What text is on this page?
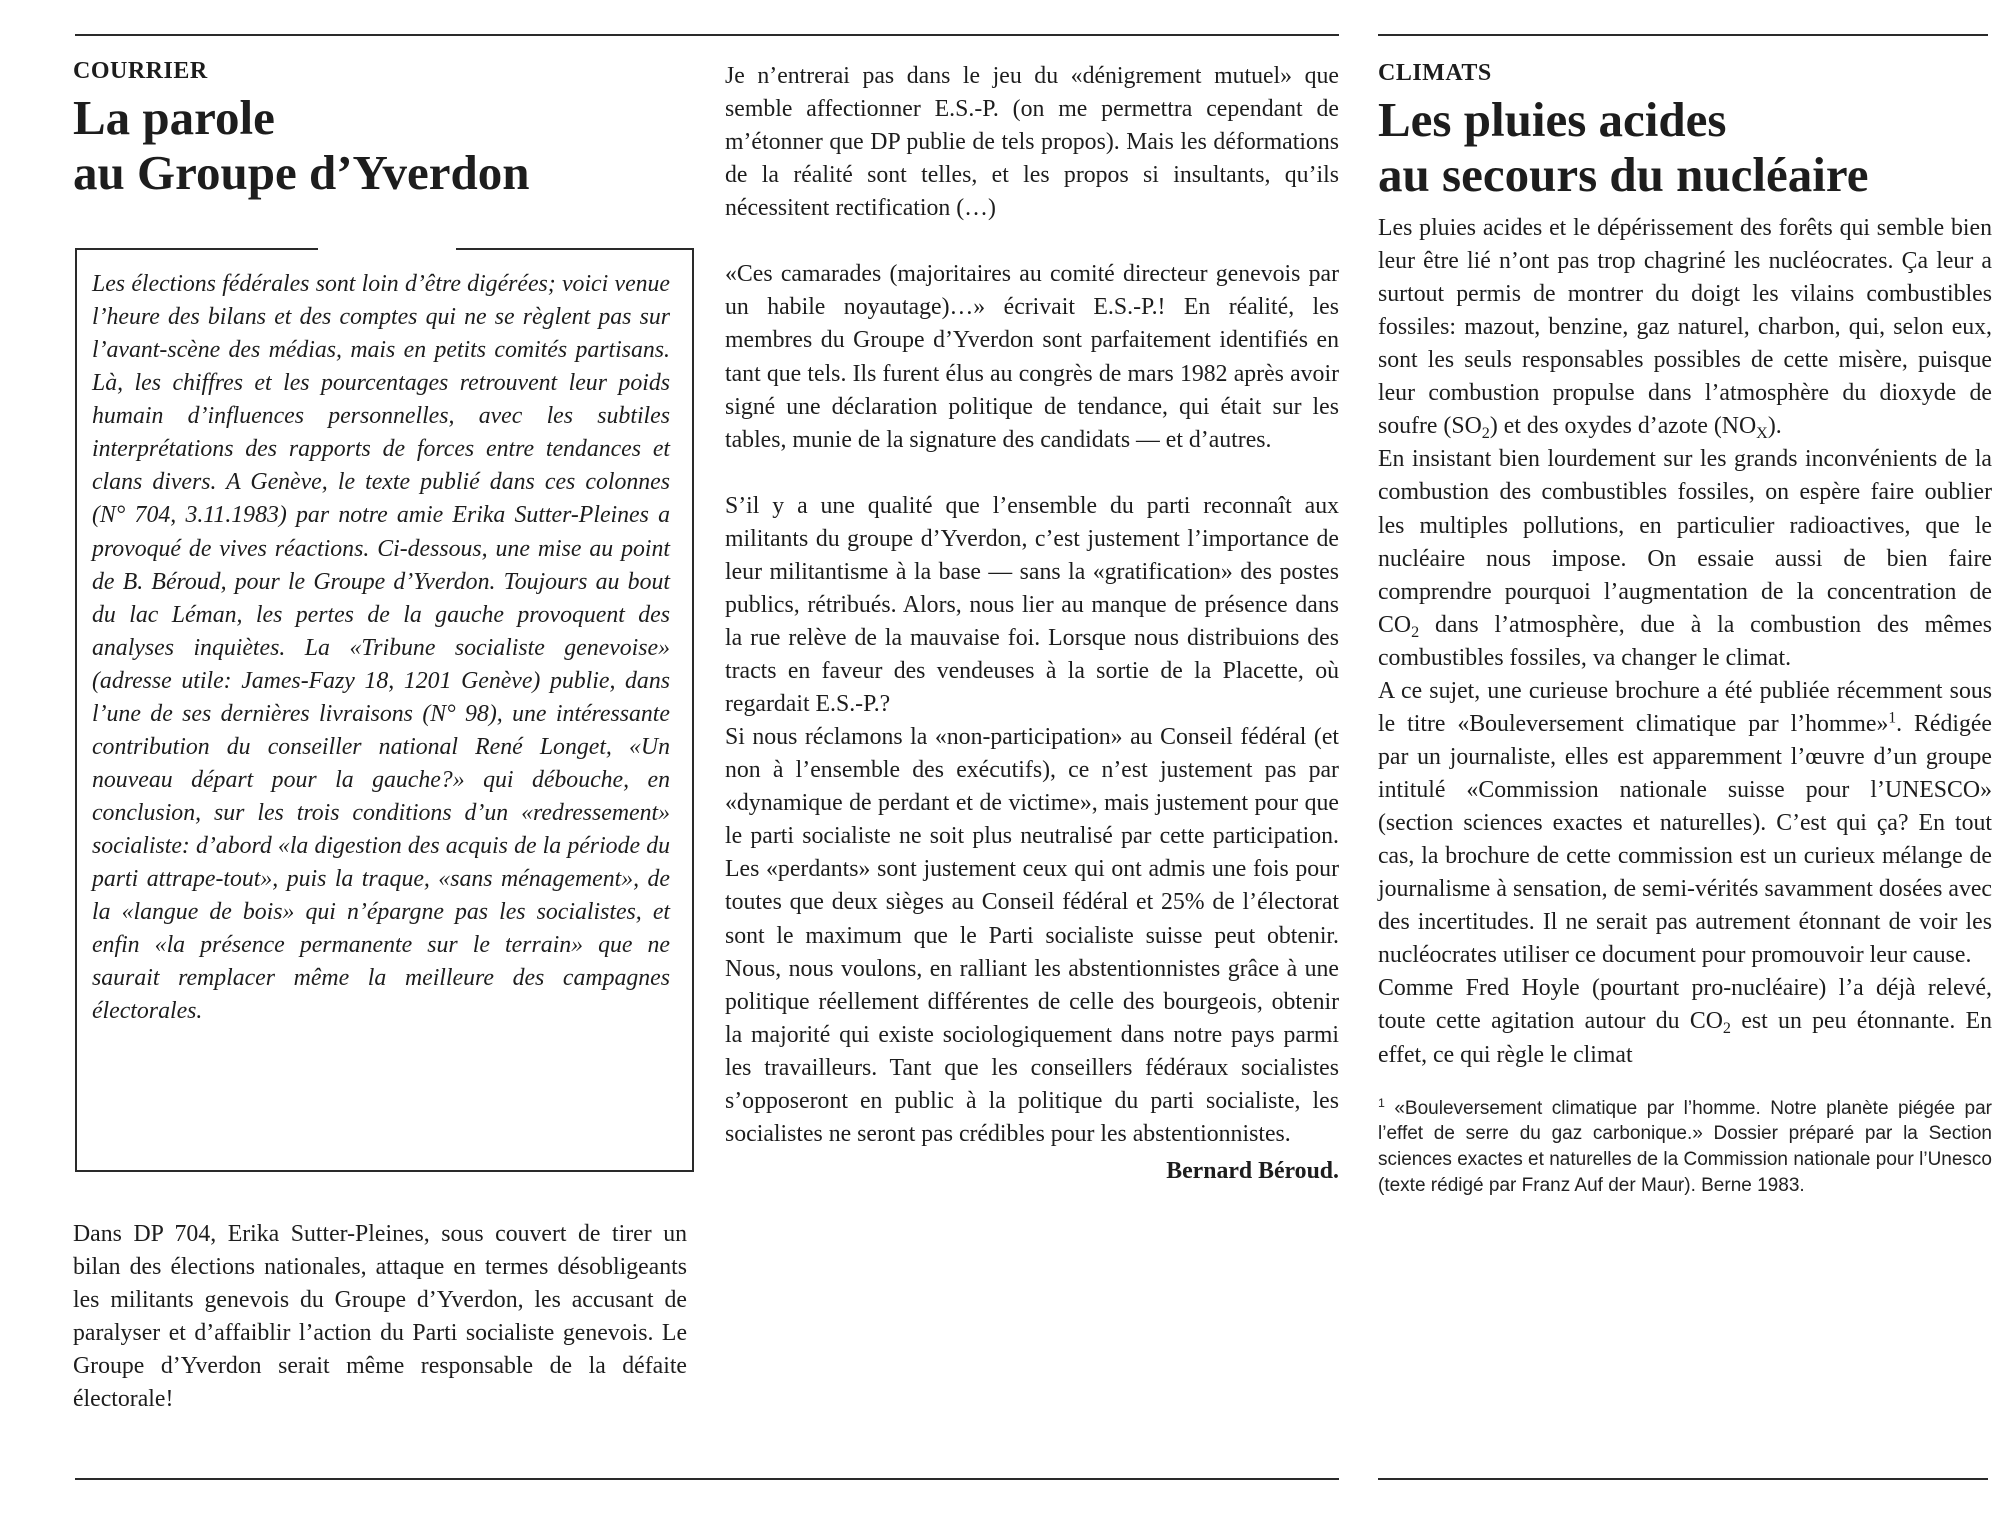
COURRIER
La parole
au Groupe d’Yverdon

Les élections fédérales sont loin d’être digérées; voici venue l’heure des bilans et des comptes qui ne se règlent pas sur l’avant-scène des médias, mais en petits comités partisans. Là, les chiffres et les pourcentages retrouvent leur poids humain d’influences personnelles, avec les subtiles interprétations des rapports de forces entre tendances et clans divers. A Genève, le texte publié dans ces colonnes (N° 704, 3.11.1983) par notre amie Erika Sutter-Pleines a provoqué de vives réactions. Ci-dessous, une mise au point de B. Béroud, pour le Groupe d’Yverdon. Toujours au bout du lac Léman, les pertes de la gauche provoquent des analyses inquiètes. La «Tribune socialiste genevoise» (adresse utile: James-Fazy 18, 1201 Genève) publie, dans l’une de ses dernières livraisons (N° 98), une intéressante contribution du conseiller national René Longet, «Un nouveau départ pour la gauche?» qui débouche, en conclusion, sur les trois conditions d’un «redressement» socialiste: d’abord «la digestion des acquis de la période du parti attrape-tout», puis la traque, «sans ménagement», de la «langue de bois» qui n’épargne pas les socialistes, et enfin «la présence permanente sur le terrain» que ne saurait remplacer même la meilleure des campagnes électorales.

Dans DP 704, Erika Sutter-Pleines, sous couvert de tirer un bilan des élections nationales, attaque en termes désobligeants les militants genevois du Groupe d’Yverdon, les accusant de paralyser et d’affaiblir l’action du Parti socialiste genevois. Le Groupe d’Yverdon serait même responsable de la défaite électorale!

Je n’entrerai pas dans le jeu du «dénigrement mutuel» que semble affectionner E.S.-P. (on me permettra cependant de m’étonner que DP publie de tels propos). Mais les déformations de la réalité sont telles, et les propos si insultants, qu’ils nécessitent rectification (…)

«Ces camarades (majoritaires au comité directeur genevois par un habile noyautage)…» écrivait E.S.-P.! En réalité, les membres du Groupe d’Yverdon sont parfaitement identifiés en tant que tels. Ils furent élus au congrès de mars 1982 après avoir signé une déclaration politique de tendance, qui était sur les tables, munie de la signature des candidats — et d’autres.

S’il y a une qualité que l’ensemble du parti reconnaît aux militants du groupe d’Yverdon, c’est justement l’importance de leur militantisme à la base — sans la «gratification» des postes publics, rétribués. Alors, nous lier au manque de présence dans la rue relève de la mauvaise foi. Lorsque nous distribuions des tracts en faveur des vendeuses à la sortie de la Placette, où regardait E.S.-P.?

Si nous réclamons la «non-participation» au Conseil fédéral (et non à l’ensemble des exécutifs), ce n’est justement pas par «dynamique de perdant et de victime», mais justement pour que le parti socialiste ne soit plus neutralisé par cette participation. Les «perdants» sont justement ceux qui ont admis une fois pour toutes que deux sièges au Conseil fédéral et 25% de l’électorat sont le maximum que le Parti socialiste suisse peut obtenir. Nous, nous voulons, en ralliant les abstentionnistes grâce à une politique réellement différentes de celle des bourgeois, obtenir la majorité qui existe sociologiquement dans notre pays parmi les travailleurs. Tant que les conseillers fédéraux socialistes s’opposeront en public à la politique du parti socialiste, les socialistes ne seront pas crédibles pour les abstentionnistes.

Bernard Béroud.
CLIMATS
Les pluies acides
au secours du nucléaire

Les pluies acides et le dépérissement des forêts qui semble bien leur être lié n’ont pas trop chagriné les nucléocrates. Ça leur a surtout permis de montrer du doigt les vilains combustibles fossiles: mazout, benzine, gaz naturel, charbon, qui, selon eux, sont les seuls responsables possibles de cette misère, puisque leur combustion propulse dans l’atmosphère du dioxyde de soufre $(SO_2)$ et des oxydes d’azote $(NO_X)$.

En insistant bien lourdement sur les grands inconvénients de la combustion des combustibles fossiles, on espère faire oublier les multiples pollutions, en particulier radioactives, que le nucléaire nous impose. On essaie aussi de bien faire comprendre pourquoi l’augmentation de la concentration de $CO_2$ dans l’atmosphère, due à la combustion des mêmes combustibles fossiles, va changer le climat.

A ce sujet, une curieuse brochure a été publiée récemment sous le titre «Bouleversement climatique par l’homme»$^1$. Rédigée par un journaliste, elles est apparemment l’œuvre d’un groupe intitulé «Commission nationale suisse pour l’UNESCO» (section sciences exactes et naturelles). C’est qui ça? En tout cas, la brochure de cette commission est un curieux mélange de journalisme à sensation, de semi-vérités savamment dosées avec des incertitudes. Il ne serait pas autrement étonnant de voir les nucléocrates utiliser ce document pour promouvoir leur cause.

Comme Fred Hoyle (pourtant pro-nucléaire) l’a déjà relevé, toute cette agitation autour du $CO_2$ est un peu étonnante. En effet, ce qui règle le climat

$^1$ «Bouleversement climatique par l’homme. Notre planète piégée par l’effet de serre du gaz carbonique.» Dossier préparé par la Section sciences exactes et naturelles de la Commission nationale pour l’Unesco (texte rédigé par Franz Auf der Maur). Berne 1983.
